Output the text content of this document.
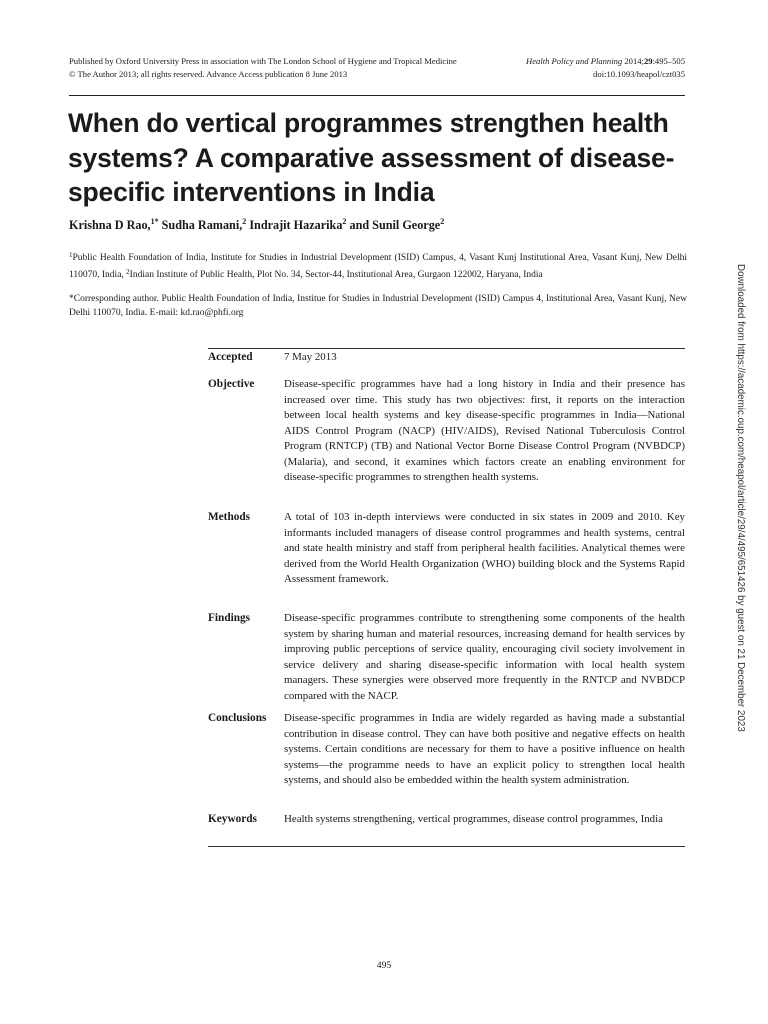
Published by Oxford University Press in association with The London School of Hygiene and Tropical Medicine
© The Author 2013; all rights reserved. Advance Access publication 8 June 2013
Health Policy and Planning 2014;29:495–505
doi:10.1093/heapol/czt035
When do vertical programmes strengthen health systems? A comparative assessment of disease-specific interventions in India
Krishna D Rao,$^{1*}$ Sudha Ramani,$^2$ Indrajit Hazarika$^2$ and Sunil George$^2$
$^1$Public Health Foundation of India, Institute for Studies in Industrial Development (ISID) Campus, 4, Vasant Kunj Institutional Area, Vasant Kunj, New Delhi 110070, India, $^2$Indian Institute of Public Health, Plot No. 34, Sector-44, Institutional Area, Gurgaon 122002, Haryana, India
*Corresponding author. Public Health Foundation of India, Institue for Studies in Industrial Development (ISID) Campus 4, Institutional Area, Vasant Kunj, New Delhi 110070, India. E-mail: kd.rao@phfi.org
Accepted	7 May 2013
Objective	Disease-specific programmes have had a long history in India and their presence has increased over time. This study has two objectives: first, it reports on the interaction between local health systems and key disease-specific programmes in India—National AIDS Control Program (NACP) (HIV/AIDS), Revised National Tuberculosis Control Program (RNTCP) (TB) and National Vector Borne Disease Control Program (NVBDCP) (Malaria), and second, it examines which factors create an enabling environment for disease-specific programmes to strengthen health systems.
Methods	A total of 103 in-depth interviews were conducted in six states in 2009 and 2010. Key informants included managers of disease control programmes and health systems, central and state health ministry and staff from peripheral health facilities. Analytical themes were derived from the World Health Organization (WHO) building block and the Systems Rapid Assessment framework.
Findings	Disease-specific programmes contribute to strengthening some components of the health system by sharing human and material resources, increasing demand for health services by improving public perceptions of service quality, encouraging civil society involvement in service delivery and sharing disease-specific information with local health system managers. These synergies were observed more frequently in the RNTCP and NVBDCP compared with the NACP.
Conclusions	Disease-specific programmes in India are widely regarded as having made a substantial contribution in disease control. They can have both positive and negative effects on health systems. Certain conditions are necessary for them to have a positive influence on health systems—the programme needs to have an explicit policy to strengthen local health systems, and should also be embedded within the health system administration.
Keywords	Health systems strengthening, vertical programmes, disease control programmes, India
495
Downloaded from https://academic.oup.com/heapol/article/29/4/495/651426 by guest on 21 December 2023
